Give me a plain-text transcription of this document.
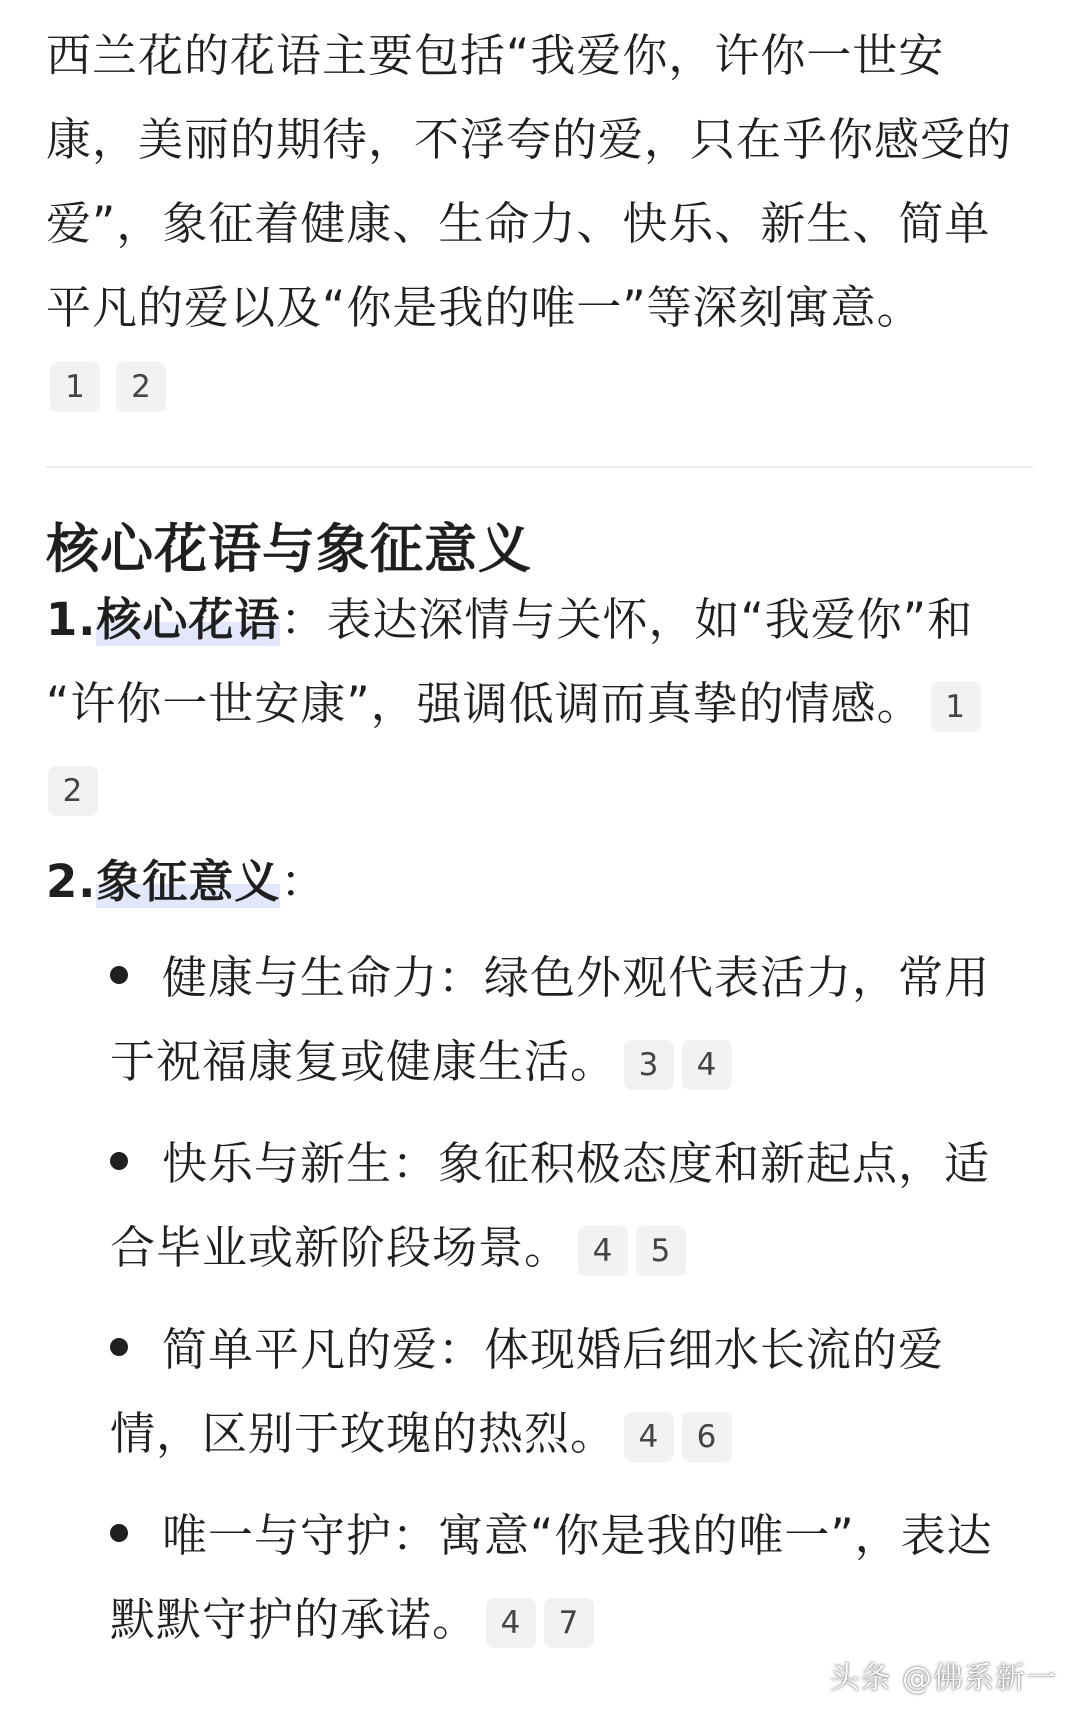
西兰花的花语主要包括“我爱你，许你一世安康，美丽的期待，不浮夸的爱，只在乎你感受的爱”，象征着健康、生命力、快乐、新生、简单平凡的爱以及“你是我的唯一”等深刻寓意。
1	2
核心花语与象征意义
1.核心花语：表达深情与关怀，如“我爱你”和
“许你一世安康”，强调低调而真挚的情感。 1
2
2.象征意义：
健康与生命力：绿色外观代表活力，常用
于祝福康复或健康生活。 3 4
快乐与新生：象征积极态度和新起点，适
合毕业或新阶段场景。 4 5
简单平凡的爱：体现婚后细水长流的爱
情，区别于玫瑰的热烈。 4 6
唯一与守护：寓意“你是我的唯一”，表达
默默守护的承诺。 4 7
头条 @佛系新一
